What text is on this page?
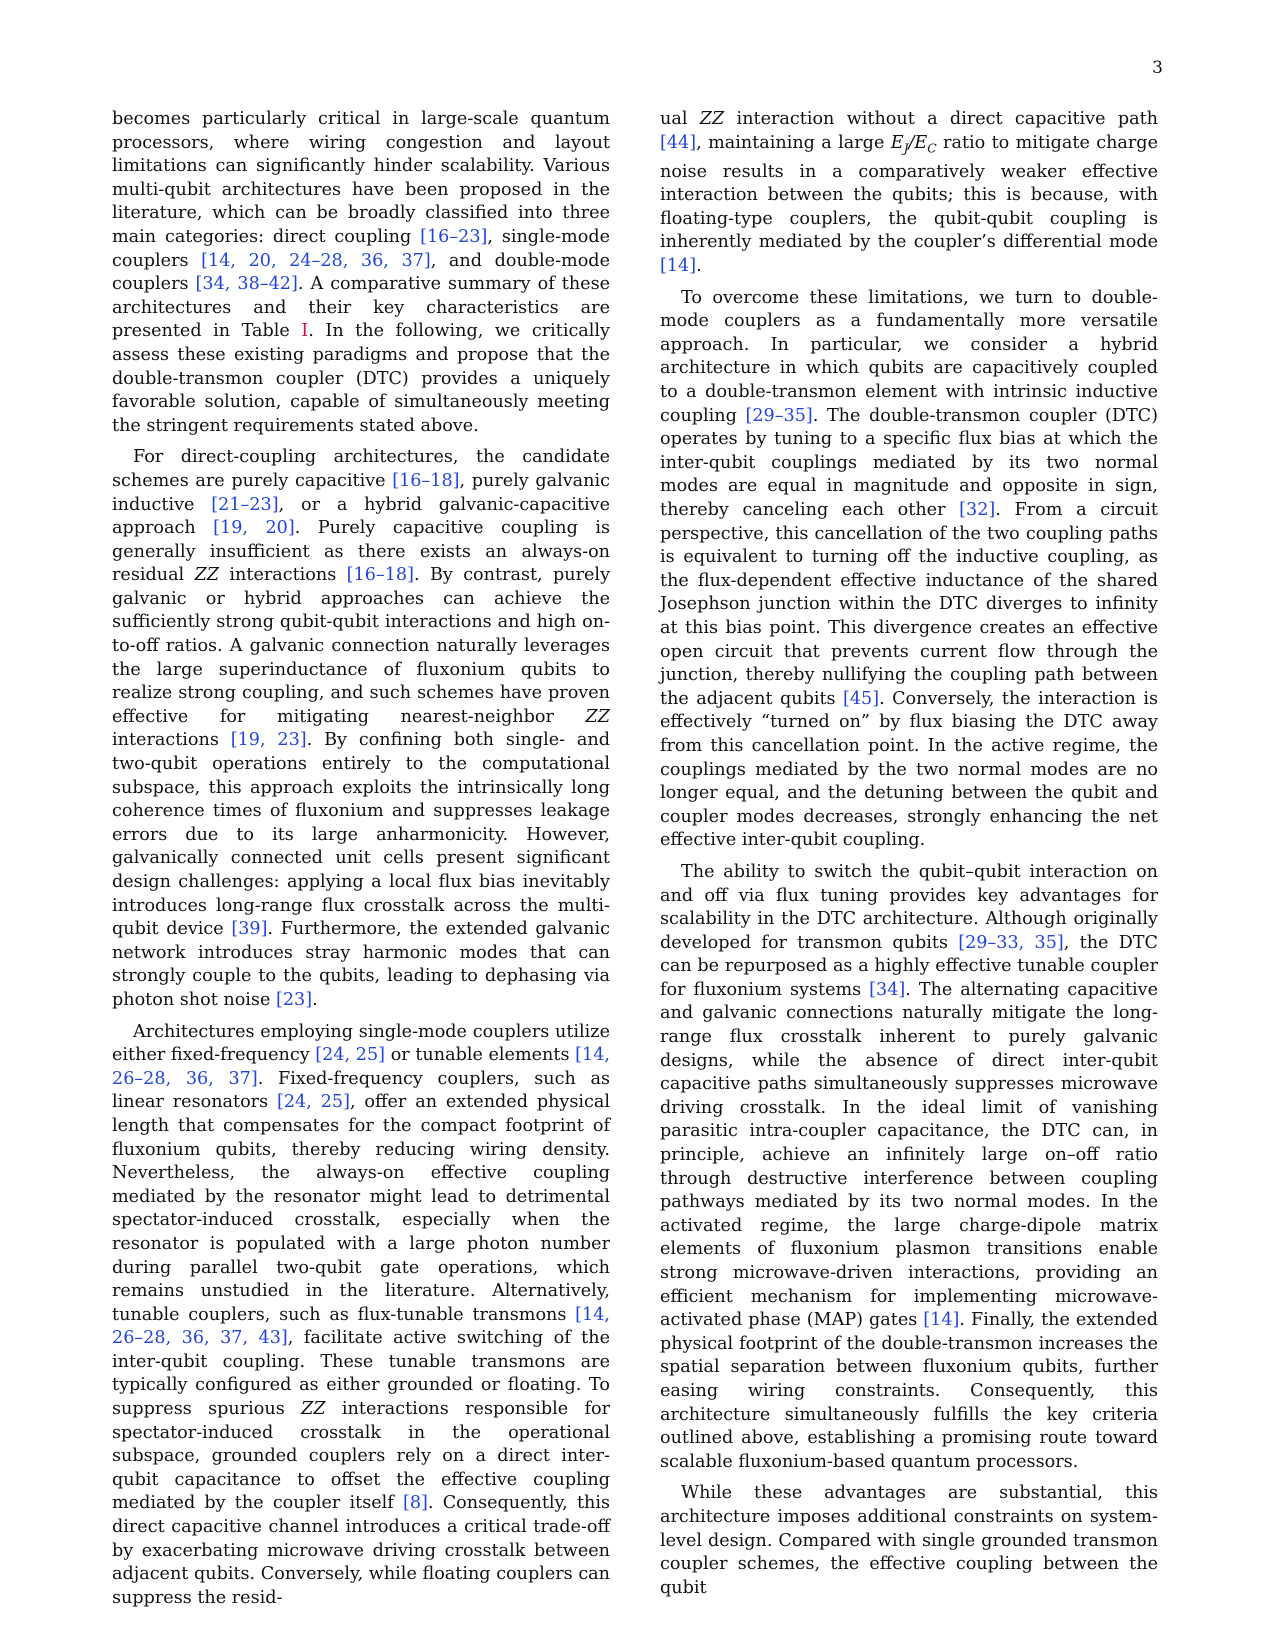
3

becomes particularly critical in large-scale quantum processors, where wiring congestion and layout limitations can significantly hinder scalability. Various multi-qubit architectures have been proposed in the literature, which can be broadly classified into three main categories: direct coupling [16–23], single-mode couplers [14, 20, 24–28, 36, 37], and double-mode couplers [34, 38–42]. A comparative summary of these architectures and their key characteristics are presented in Table I. In the following, we critically assess these existing paradigms and propose that the double-transmon coupler (DTC) provides a uniquely favorable solution, capable of simultaneously meeting the stringent requirements stated above.

For direct-coupling architectures, the candidate schemes are purely capacitive [16–18], purely galvanic inductive [21–23], or a hybrid galvanic-capacitive approach [19, 20]. Purely capacitive coupling is generally insufficient as there exists an always-on residual ZZ interactions [16–18]. By contrast, purely galvanic or hybrid approaches can achieve the sufficiently strong qubit-qubit interactions and high on-to-off ratios. A galvanic connection naturally leverages the large superinductance of fluxonium qubits to realize strong coupling, and such schemes have proven effective for mitigating nearest-neighbor ZZ interactions [19, 23]. By confining both single- and two-qubit operations entirely to the computational subspace, this approach exploits the intrinsically long coherence times of fluxonium and suppresses leakage errors due to its large anharmonicity. However, galvanically connected unit cells present significant design challenges: applying a local flux bias inevitably introduces long-range flux crosstalk across the multi-qubit device [39]. Furthermore, the extended galvanic network introduces stray harmonic modes that can strongly couple to the qubits, leading to dephasing via photon shot noise [23].

Architectures employing single-mode couplers utilize either fixed-frequency [24, 25] or tunable elements [14, 26–28, 36, 37]. Fixed-frequency couplers, such as linear resonators [24, 25], offer an extended physical length that compensates for the compact footprint of fluxonium qubits, thereby reducing wiring density. Nevertheless, the always-on effective coupling mediated by the resonator might lead to detrimental spectator-induced crosstalk, especially when the resonator is populated with a large photon number during parallel two-qubit gate operations, which remains unstudied in the literature. Alternatively, tunable couplers, such as flux-tunable transmons [14, 26–28, 36, 37, 43], facilitate active switching of the inter-qubit coupling. These tunable transmons are typically configured as either grounded or floating. To suppress spurious ZZ interactions responsible for spectator-induced crosstalk in the operational subspace, grounded couplers rely on a direct inter-qubit capacitance to offset the effective coupling mediated by the coupler itself [8]. Consequently, this direct capacitive channel introduces a critical trade-off by exacerbating microwave driving crosstalk between adjacent qubits. Conversely, while floating couplers can suppress the resid-

ual ZZ interaction without a direct capacitive path [44], maintaining a large $E_J/E_C$ ratio to mitigate charge noise results in a comparatively weaker effective interaction between the qubits; this is because, with floating-type couplers, the qubit-qubit coupling is inherently mediated by the coupler’s differential mode [14].

To overcome these limitations, we turn to double-mode couplers as a fundamentally more versatile approach. In particular, we consider a hybrid architecture in which qubits are capacitively coupled to a double-transmon element with intrinsic inductive coupling [29–35]. The double-transmon coupler (DTC) operates by tuning to a specific flux bias at which the inter-qubit couplings mediated by its two normal modes are equal in magnitude and opposite in sign, thereby canceling each other [32]. From a circuit perspective, this cancellation of the two coupling paths is equivalent to turning off the inductive coupling, as the flux-dependent effective inductance of the shared Josephson junction within the DTC diverges to infinity at this bias point. This divergence creates an effective open circuit that prevents current flow through the junction, thereby nullifying the coupling path between the adjacent qubits [45]. Conversely, the interaction is effectively “turned on” by flux biasing the DTC away from this cancellation point. In the active regime, the couplings mediated by the two normal modes are no longer equal, and the detuning between the qubit and coupler modes decreases, strongly enhancing the net effective inter-qubit coupling.

The ability to switch the qubit–qubit interaction on and off via flux tuning provides key advantages for scalability in the DTC architecture. Although originally developed for transmon qubits [29–33, 35], the DTC can be repurposed as a highly effective tunable coupler for fluxonium systems [34]. The alternating capacitive and galvanic connections naturally mitigate the long-range flux crosstalk inherent to purely galvanic designs, while the absence of direct inter-qubit capacitive paths simultaneously suppresses microwave driving crosstalk. In the ideal limit of vanishing parasitic intra-coupler capacitance, the DTC can, in principle, achieve an infinitely large on–off ratio through destructive interference between coupling pathways mediated by its two normal modes. In the activated regime, the large charge-dipole matrix elements of fluxonium plasmon transitions enable strong microwave-driven interactions, providing an efficient mechanism for implementing microwave-activated phase (MAP) gates [14]. Finally, the extended physical footprint of the double-transmon increases the spatial separation between fluxonium qubits, further easing wiring constraints. Consequently, this architecture simultaneously fulfills the key criteria outlined above, establishing a promising route toward scalable fluxonium-based quantum processors.

While these advantages are substantial, this architecture imposes additional constraints on system-level design. Compared with single grounded transmon coupler schemes, the effective coupling between the qubit
